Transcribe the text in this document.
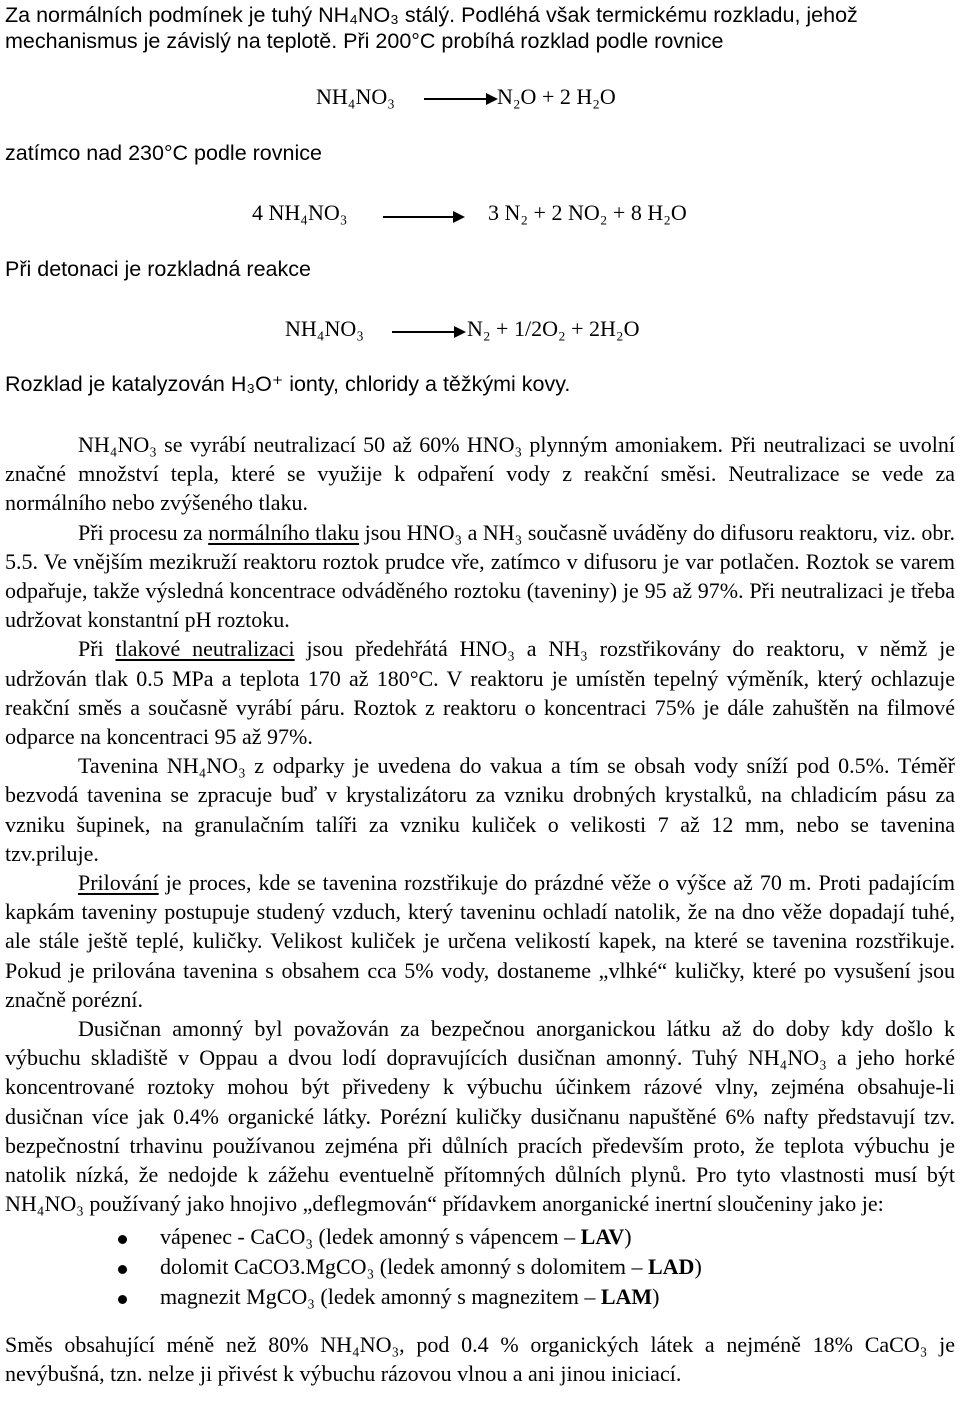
Za normálních podmínek je tuhý NH₄NO₃ stálý. Podléhá však termickému rozkladu, jehož
mechanismus je závislý na teplotě. Při 200°C probíhá rozklad podle rovnice
NH₄NO₃	N₂O + 2 H₂O
zatímco nad 230°C podle rovnice
4 NH₄NO₃	3 N₂ + 2 NO₂ + 8 H₂O
Při detonaci je rozkladná reakce
NH₄NO₃	N₂ + 1/2O₂ + 2H₂O
Rozklad je katalyzován H₃O⁺ ionty, chloridy a těžkými kovy.

NH₄NO₃ se vyrábí neutralizací 50 až 60% HNO₃ plynným amoniakem. Při neutralizaci se uvolní značné množství tepla, které se využije k odpaření vody z reakční směsi. Neutralizace se vede za normálního nebo zvýšeného tlaku.

Při procesu za normálního tlaku jsou HNO₃ a NH₃ současně uváděny do difusoru reaktoru, viz. obr. 5.5. Ve vnějším mezikruží reaktoru roztok prudce vře, zatímco v difusoru je var potlačen. Roztok se varem odpařuje, takže výsledná koncentrace odváděného roztoku (taveniny) je 95 až 97%. Při neutralizaci je třeba udržovat konstantní pH roztoku.

Při tlakové neutralizaci jsou předehřátá HNO₃ a NH₃ rozstřikovány do reaktoru, v němž je udržován tlak 0.5 MPa a teplota 170 až 180°C. V reaktoru je umístěn tepelný výměník, který ochlazuje reakční směs a současně vyrábí páru. Roztok z reaktoru o koncentraci 75% je dále zahuštěn na filmové odparce na koncentraci 95 až 97%.

Tavenina NH₄NO₃ z odparky je uvedena do vakua a tím se obsah vody sníží pod 0.5%. Téměř bezvodá tavenina se zpracuje buď v krystalizátoru za vzniku drobných krystalků, na chladicím pásu za vzniku šupinek, na granulačním talíři za vzniku kuliček o velikosti 7 až 12 mm, nebo se tavenina tzv.priluje.

Prilování je proces, kde se tavenina rozstřikuje do prázdné věže o výšce až 70 m. Proti padajícím kapkám taveniny postupuje studený vzduch, který taveninu ochladí natolik, že na dno věže dopadají tuhé, ale stále ještě teplé, kuličky. Velikost kuliček je určena velikostí kapek, na které se tavenina rozstřikuje. Pokud je prilována tavenina s obsahem cca 5% vody, dostaneme „vlhké“ kuličky, které po vysušení jsou značně porézní.

Dusičnan amonný byl považován za bezpečnou anorganickou látku až do doby kdy došlo k výbuchu skladiště v Oppau a dvou lodí dopravujících dusičnan amonný. Tuhý NH₄NO₃ a jeho horké koncentrované roztoky mohou být přivedeny k výbuchu účinkem rázové vlny, zejména obsahuje-li dusičnan více jak 0.4% organické látky. Porézní kuličky dusičnanu napuštěné 6% nafty představují tzv. bezpečnostní trhavinu používanou zejména při důlních pracích především proto, že teplota výbuchu je natolik nízká, že nedojde k zážehu eventuelně přítomných důlních plynů. Pro tyto vlastnosti musí být NH₄NO₃ používaný jako hnojivo „deflegmován“ přídavkem anorganické inertní sloučeniny jako je:

vápenec - CaCO₃ (ledek amonný s vápencem – LAV)
dolomit CaCO3.MgCO₃ (ledek amonný s dolomitem – LAD)
magnezit MgCO₃ (ledek amonný s magnezitem – LAM)
Směs obsahující méně než 80% NH₄NO₃, pod 0.4 % organických látek a nejméně 18% CaCO₃ je nevýbušná, tzn. nelze ji přivést k výbuchu rázovou vlnou a ani jinou iniciací.
